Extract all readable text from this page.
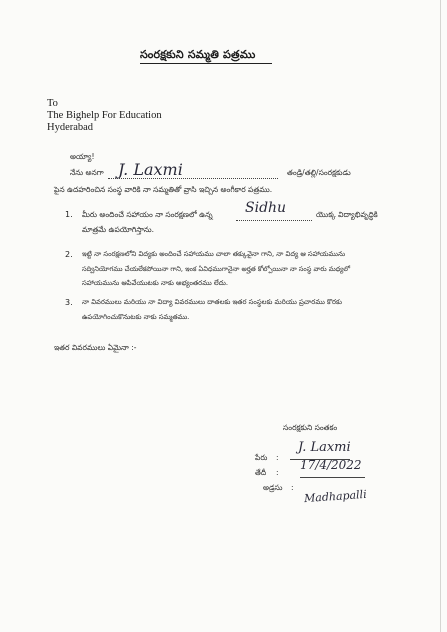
సంరక్షకుని సమ్మతి పత్రము
To
The Bighelp For Education
Hyderabad
అయ్యా!
నేను అనగా J. Laxmi	తండ్రి/తల్లి/సంరక్షకుడు
పైన ఉదహరించిన సంస్థ వారికి నా సమ్మతితో వ్రాసి ఇచ్చిన అంగీకార పత్రము.
1. మీరు అందించే సహాయం నా సంరక్షణలో ఉన్న Sidhu	యొక్క విద్యాభివృద్ధికి
మాత్రమే ఉపయోగిస్తాను.
2. ఇట్టి నా సంరక్షణలోని విద్యకు అందించే సహాయము చాలా తక్కువైనా గాని, నా విద్య ఆ సహాయమును
సద్వినియోగము చేయలేకపోయినా గాని, ఇంక ఏవిధముగానైనా అర్హత కోల్పోయినా నా సంస్థ వారు మధ్యలో
సహాయమును ఆపివేయుటకు నాకు అభ్యంతరము లేదు.
3. నా వివరములు మరియు నా విద్యా వివరములు దాతలకు ఇతర సంస్థలకు మరియు ప్రచారము కొరకు
ఉపయోగించుకొనుటకు నాకు సమ్మతము.
ఇతర వివరములు ఏమైనా :-
సంరక్షకుని సంతకం
పేరు :
J. Laxmi
తేదీ :
17/4/2022
అడ్రసు :
Madhapalli
